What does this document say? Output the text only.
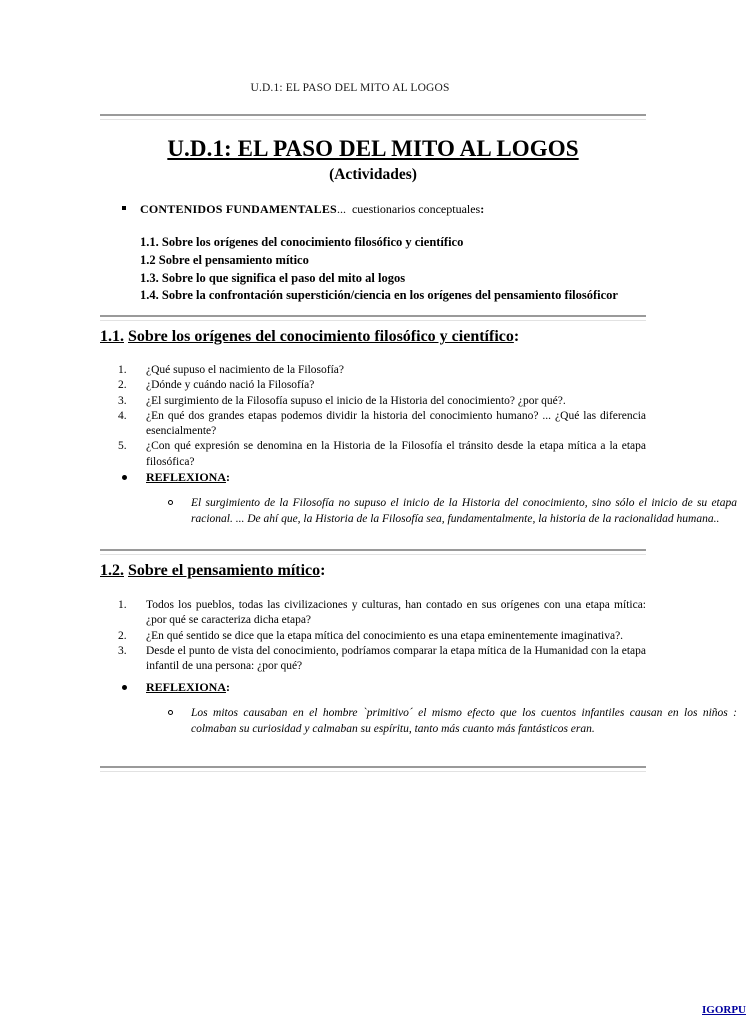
U.D.1: EL PASO DEL MITO AL LOGOS
U.D.1: EL PASO DEL MITO AL LOGOS
(Actividades)
CONTENIDOS FUNDAMENTALES... cuestionarios conceptuales:
1.1. Sobre los orígenes del conocimiento filosófico y científico
1.2 Sobre el pensamiento mítico
1.3. Sobre lo que significa el paso del mito al logos
1.4. Sobre la confrontación superstición/ciencia en los orígenes del pensamiento filosóficor
1.1. Sobre los orígenes del conocimiento filosófico y científico:
1.	¿Qué supuso el nacimiento de la Filosofía?
2.	¿Dónde y cuándo nació la Filosofía?
3.	¿El surgimiento de la Filosofía supuso el inicio de la Historia del conocimiento? ¿por qué?.
4.	¿En qué dos grandes etapas podemos dividir la historia del conocimiento humano? ... ¿Qué las diferencia esencialmente?
5.	¿Con qué expresión se denomina en la Historia de la Filosofía el tránsito desde la etapa mítica a la etapa filosófica?
REFLEXIONA:
El surgimiento de la Filosofía no supuso el inicio de la Historia del conocimiento, sino sólo el inicio de su etapa racional. ... De ahí que, la Historia de la Filosofía sea, fundamentalmente, la historia de la racionalidad humana..
1.2. Sobre el pensamiento mítico:
1.	Todos los pueblos, todas las civilizaciones y culturas, han contado en sus orígenes con una etapa mítica: ¿por qué se caracteriza dicha etapa?
2.	¿En qué sentido se dice que la etapa mítica del conocimiento es una etapa eminentemente imaginativa?.
3.	Desde el punto de vista del conocimiento, podríamos comparar la etapa mítica de la Humanidad con la etapa infantil de una persona: ¿por qué?
REFLEXIONA:
Los mitos causaban en el hombre `primitivo´ el mismo efecto que los cuentos infantiles causan en los niños : colmaban su curiosidad y calmaban su espíritu, tanto más cuanto más fantásticos eran.
IGORPU
